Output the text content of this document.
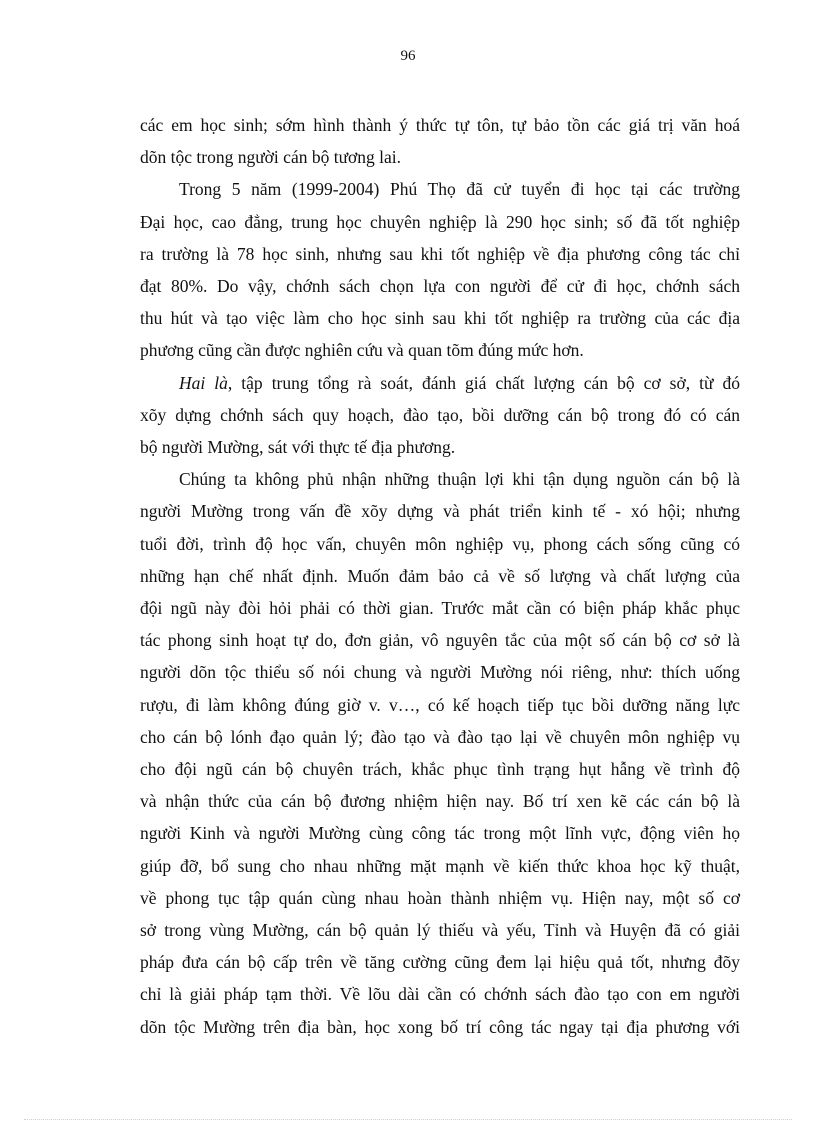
96

các em học sinh; sớm hình thành ý thức tự tôn, tự bảo tồn các giá trị văn hoá
dõn tộc trong người cán bộ tương lai.

Trong 5 năm (1999-2004) Phú Thọ đã cử tuyển đi học tại các trường
Đại học, cao đẳng, trung học chuyên nghiệp là 290 học sinh; số đã tốt nghiệp
ra trường là 78 học sinh, nhưng sau khi tốt nghiệp về địa phương công tác chỉ
đạt 80%. Do vậy, chớnh sách chọn lựa con người để cử đi học, chớnh sách
thu hút và tạo việc làm cho học sinh sau khi tốt nghiệp ra trường của các địa
phương cũng cần được nghiên cứu và quan tõm đúng mức hơn.

Hai là, tập trung tổng rà soát, đánh giá chất lượng cán bộ cơ sở, từ đó
xõy dựng chớnh sách quy hoạch, đào tạo, bồi dưỡng cán bộ trong đó có cán
bộ người Mường, sát với thực tế địa phương.

Chúng ta không phủ nhận những thuận lợi khi tận dụng nguồn cán bộ là
người Mường trong vấn đề xõy dựng và phát triển kinh tế - xó hội; nhưng
tuổi đời, trình độ học vấn, chuyên môn nghiệp vụ, phong cách sống cũng có
những hạn chế nhất định. Muốn đảm bảo cả về số lượng và chất lượng của
đội ngũ này đòi hỏi phải có thời gian. Trước mắt cần có biện pháp khắc phục
tác phong sinh hoạt tự do, đơn giản, vô nguyên tắc của một số cán bộ cơ sở là
người dõn tộc thiểu số nói chung và người Mường nói riêng, như: thích uống
rượu, đi làm không đúng giờ v. v…, có kế hoạch tiếp tục bồi dưỡng năng lực
cho cán bộ lónh đạo quản lý; đào tạo và đào tạo lại về chuyên môn nghiệp vụ
cho đội ngũ cán bộ chuyên trách, khắc phục tình trạng hụt hẫng về trình độ
và nhận thức của cán bộ đương nhiệm hiện nay. Bố trí xen kẽ các cán bộ là
người Kinh và người Mường cùng công tác trong một lĩnh vực, động viên họ
giúp đỡ, bổ sung cho nhau những mặt mạnh về kiến thức khoa học kỹ thuật,
về phong tục tập quán cùng nhau hoàn thành nhiệm vụ. Hiện nay, một số cơ
sở trong vùng Mường, cán bộ quản lý thiếu và yếu, Tỉnh và Huyện đã có giải
pháp đưa cán bộ cấp trên về tăng cường cũng đem lại hiệu quả tốt, nhưng đõy
chỉ là giải pháp tạm thời. Về lõu dài cần có chớnh sách đào tạo con em người
dõn tộc Mường trên địa bàn, học xong bố trí công tác ngay tại địa phương với
